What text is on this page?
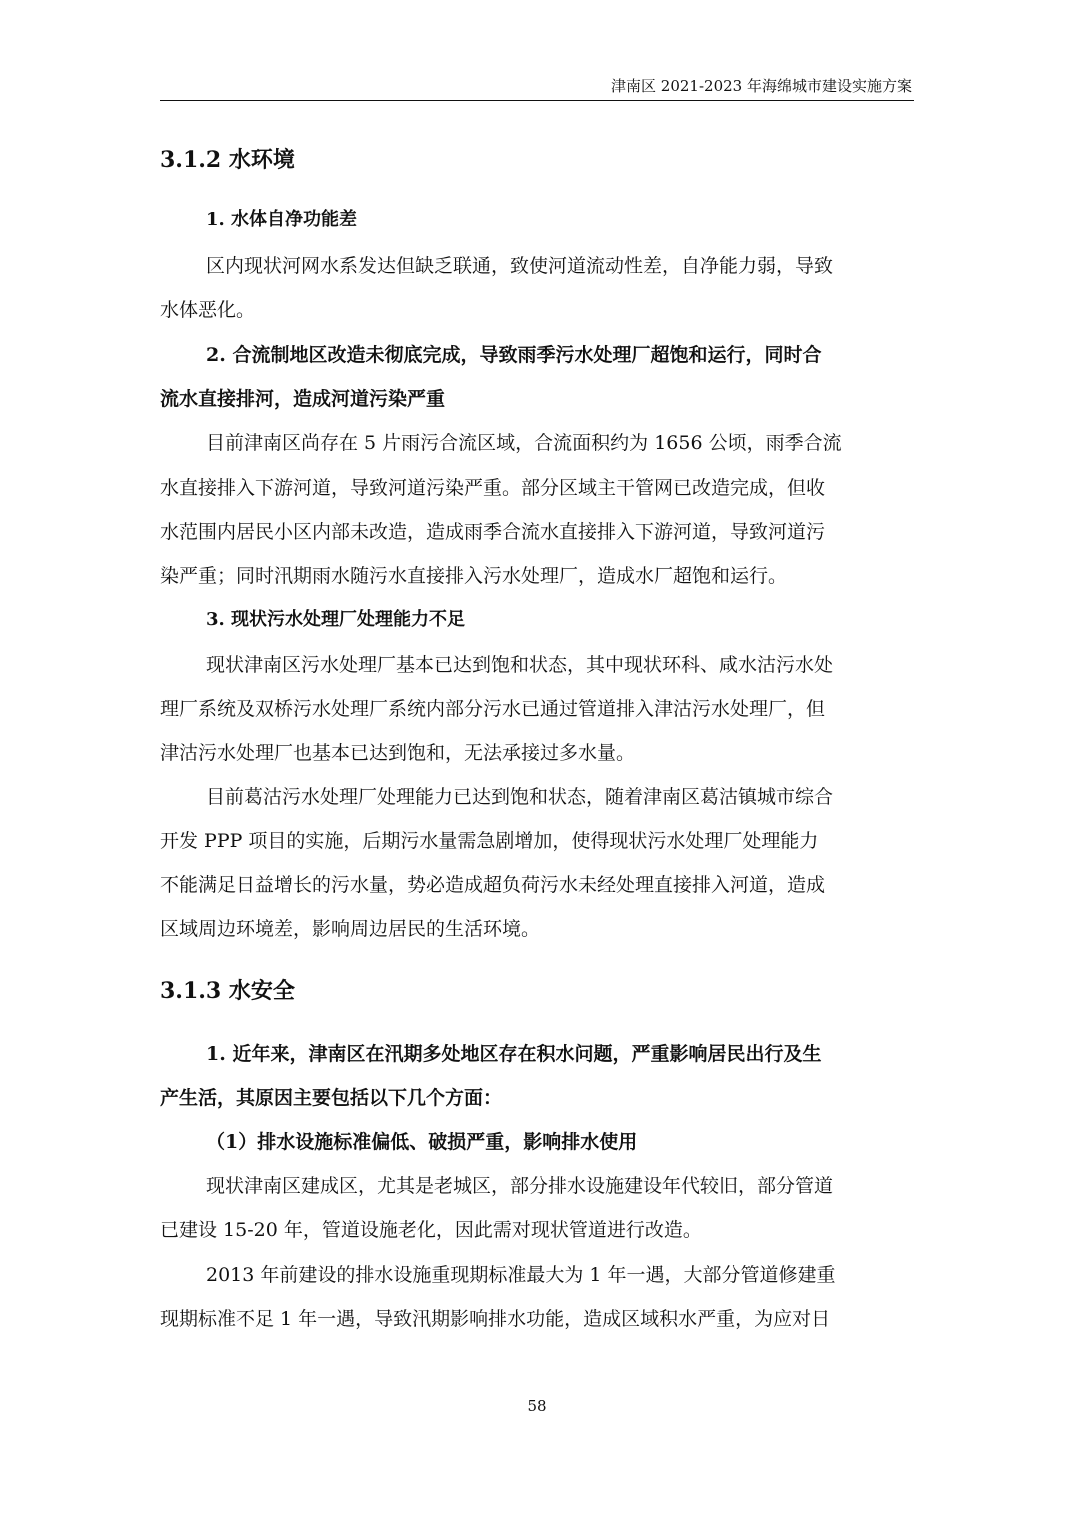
津南区 2021-2023 年海绵城市建设实施方案
3.1.2 水环境
1. 水体自净功能差
区内现状河网水系发达但缺乏联通，致使河道流动性差，自净能力弱，导致
水体恶化。
2. 合流制地区改造未彻底完成，导致雨季污水处理厂超饱和运行，同时合
流水直接排河，造成河道污染严重
目前津南区尚存在 5 片雨污合流区域，合流面积约为 1656 公顷，雨季合流
水直接排入下游河道，导致河道污染严重。部分区域主干管网已改造完成，但收
水范围内居民小区内部未改造，造成雨季合流水直接排入下游河道，导致河道污
染严重；同时汛期雨水随污水直接排入污水处理厂，造成水厂超饱和运行。
3. 现状污水处理厂处理能力不足
现状津南区污水处理厂基本已达到饱和状态，其中现状环科、咸水沽污水处
理厂系统及双桥污水处理厂系统内部分污水已通过管道排入津沽污水处理厂，但
津沽污水处理厂也基本已达到饱和，无法承接过多水量。
目前葛沽污水处理厂处理能力已达到饱和状态，随着津南区葛沽镇城市综合
开发 PPP 项目的实施，后期污水量需急剧增加，使得现状污水处理厂处理能力
不能满足日益增长的污水量，势必造成超负荷污水未经处理直接排入河道，造成
区域周边环境差，影响周边居民的生活环境。
3.1.3 水安全
1. 近年来，津南区在汛期多处地区存在积水问题，严重影响居民出行及生
产生活，其原因主要包括以下几个方面：
（1）排水设施标准偏低、破损严重，影响排水使用
现状津南区建成区，尤其是老城区，部分排水设施建设年代较旧，部分管道
已建设 15-20 年，管道设施老化，因此需对现状管道进行改造。
2013 年前建设的排水设施重现期标准最大为 1 年一遇，大部分管道修建重
现期标准不足 1 年一遇，导致汛期影响排水功能，造成区域积水严重，为应对日
58
